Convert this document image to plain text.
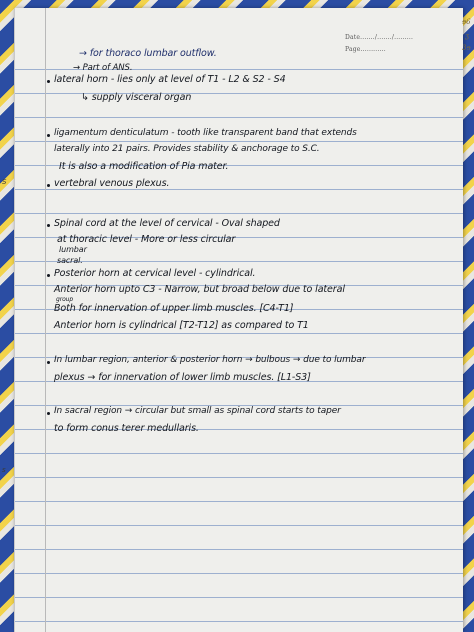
Date......./......./.........
Page............
→ for thoraco lumbar outflow.
→ Part of ANS.
lateral horn - lies only at level of T1 - L2 & S2 - S4
↳ supply visceral organ
ligamentum denticulatum - tooth like transparent band that extends
laterally into 21 pairs. Provides stability & anchorage to S.C.
It is also a modification of Pia mater.
vertebral venous plexus.
Spinal cord at the level of cervical - Oval shaped
at thoracic level - More or less circular
lumbar
sacral.
Posterior horn at cervical level - cylindrical.
Anterior horn upto C3 - Narrow, but broad below due to lateral
group
Both for innervation of upper limb muscles. [C4-T1]
Anterior horn is cylindrical [T2-T12] as compared to T1
In lumbar region, anterior & posterior horn → bulbous → due to lumbar
plexus → for innervation of lower limb muscles. [L1-S3]
In sacral region → circular but small as spinal cord starts to taper
to form conus terer medullaris.
S
s
ɘ6
ʒ
3ɘ
